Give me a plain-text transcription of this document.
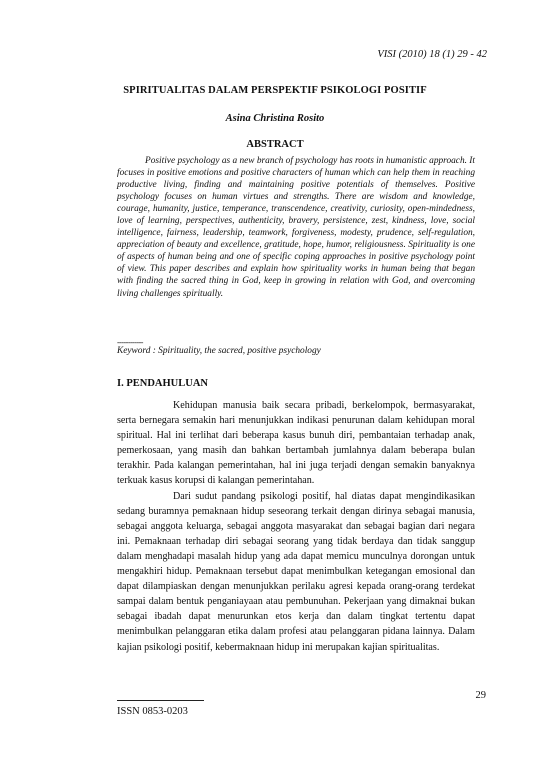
VISI (2010) 18 (1) 29 - 42
SPIRITUALITAS DALAM PERSPEKTIF PSIKOLOGI POSITIF
Asina Christina Rosito
ABSTRACT

Positive psychology as a new branch of psychology has roots in humanistic approach. It focuses in positive emotions and positive characters of human which can help them in reaching productive living, finding and maintaining positive potentials of themselves. Positive psychology focuses on human virtues and strengths. There are wisdom and knowledge, courage, humanity, justice, temperance, transcendence, creativity, curiosity, open-mindedness, love of learning, perspectives, authenticity, bravery, persistence, zest, kindness, love, social intelligence, fairness, leadership, teamwork, forgiveness, modesty, prudence, self-regulation, appreciation of beauty and excellence, gratitude, hope, humor, religiousness. Spirituality is one of aspects of human being and one of specific coping approaches in positive psychology point of view. This paper describes and explain how spirituality works in human being that began with finding the sacred thing in God, keep in growing in relation with God, and overcoming living challenges spiritually.

------------
Keyword : Spirituality, the sacred, positive psychology
I. PENDAHULUAN

Kehidupan manusia baik secara pribadi, berkelompok, bermasyarakat, serta bernegara semakin hari menunjukkan indikasi penurunan dalam kehidupan moral spiritual. Hal ini terlihat dari beberapa kasus bunuh diri, pembantaian terhadap anak, pemerkosaan, yang masih dan bahkan bertambah jumlahnya dalam beberapa bulan terakhir. Pada kalangan pemerintahan, hal ini juga terjadi dengan semakin banyaknya terkuak kasus korupsi di kalangan pemerintahan.

Dari sudut pandang psikologi positif, hal diatas dapat mengindikasikan sedang buramnya pemaknaan hidup seseorang terkait dengan dirinya sebagai manusia, sebagai anggota keluarga, sebagai anggota masyarakat dan sebagai bagian dari negara ini. Pemaknaan terhadap diri sebagai seorang yang tidak berdaya dan tidak sanggup dalam menghadapi masalah hidup yang ada dapat memicu munculnya dorongan untuk mengakhiri hidup. Pemaknaan tersebut dapat menimbulkan ketegangan emosional dan dapat dilampiaskan dengan menunjukkan perilaku agresi kepada orang-orang terdekat sampai dalam bentuk penganiayaan atau pembunuhan. Pekerjaan yang dimaknai bukan sebagai ibadah dapat menurunkan etos kerja dan dalam tingkat tertentu dapat menimbulkan pelanggaran etika dalam profesi atau pelanggaran pidana lainnya. Dalam kajian psikologi positif, kebermaknaan hidup ini merupakan kajian spiritualitas.

29
ISSN 0853-0203
